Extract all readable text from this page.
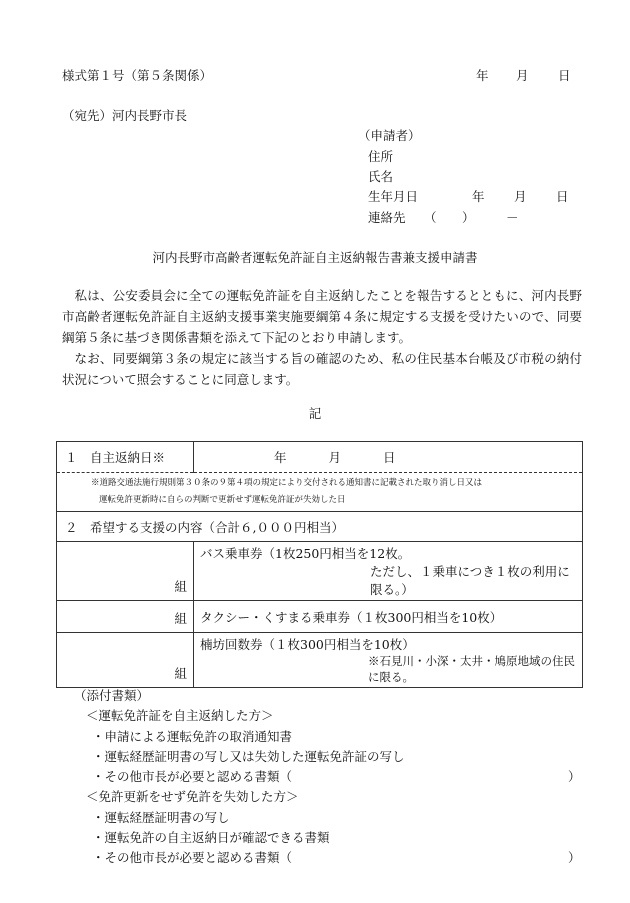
様式第１号（第５条関係）	年 月 日
（宛先）河内長野市長
（申請者）
住所
氏名
生年月日	年 月 日
連絡先 （ ）	－
河内長野市高齢者運転免許証自主返納報告書兼支援申請書
私は、公安委員会に全ての運転免許証を自主返納したことを報告するとともに、河内長野市高齢者運転免許証自主返納支援事業実施要綱第４条に規定する支援を受けたいので、同要綱第５条に基づき関係書類を添えて下記のとおり申請します。
なお、同要綱第３条の規定に該当する旨の確認のため、私の住民基本台帳及び市税の納付状況について照会することに同意します。
記
１　自主返納日※	年 月 日

※道路交通法施行規則第３０条の９第４項の規定により交付される通知書に記載された取り消し日又は
運転免許更新時に自らの判断で更新せず運転免許証が失効した日	

２　希望する支援の内容（合計６,０００円相当）	
組	バス乗車券（1枚250円相当を12枚。
ただし、１乗車につき１枚の利用に限る。）

組	タクシー・くすまる乗車券（１枚300円相当を10枚）

組	楠坊回数券（１枚300円相当を10枚）
※石見川・小深・太井・鳩原地域の住民に限る。
（添付書類）
＜運転免許証を自主返納した方＞
・申請による運転免許の取消通知書
・運転経歴証明書の写し又は失効した運転免許証の写し
・その他市長が必要と認める書類（	）
＜免許更新をせず免許を失効した方＞
・運転経歴証明書の写し
・運転免許の自主返納日が確認できる書類
・その他市長が必要と認める書類（	）
